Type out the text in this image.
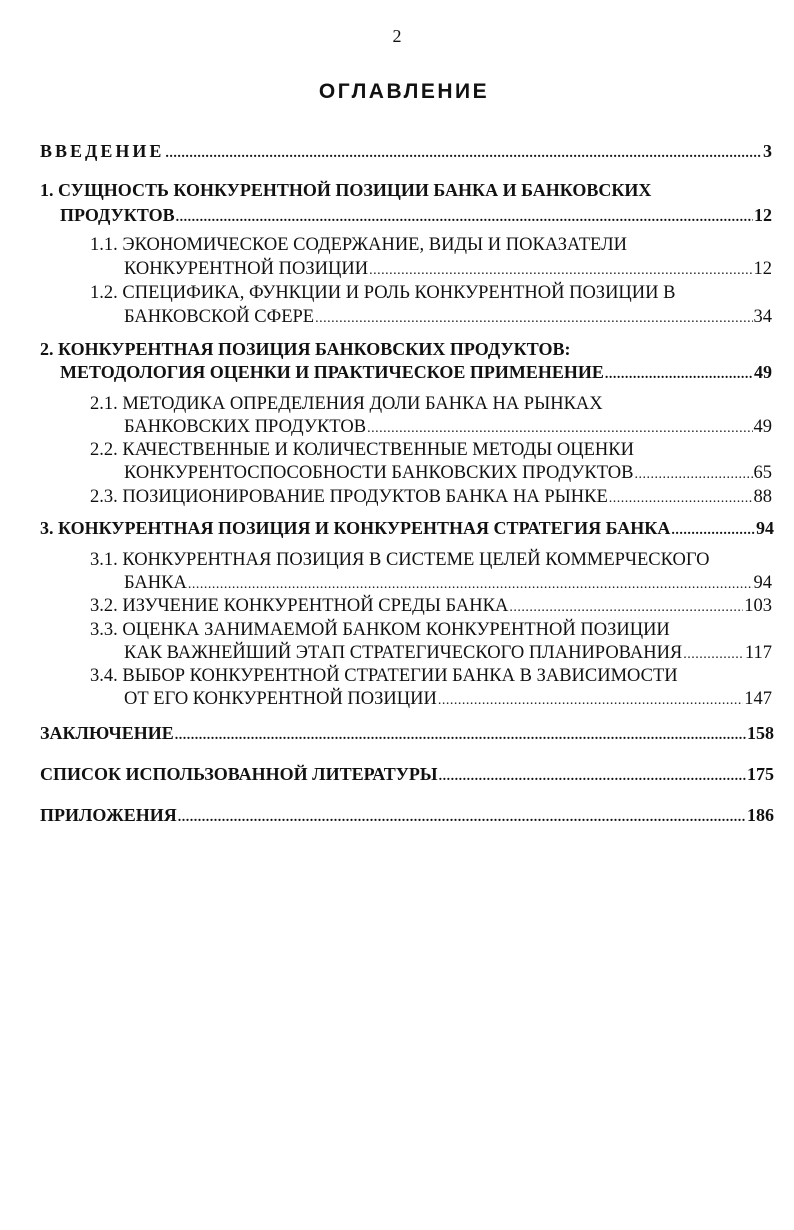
2
ОГЛАВЛЕНИЕ
ВВЕДЕНИЕ .....	3
1.
СУЩНОСТЬ КОНКУРЕНТНОЙ ПОЗИЦИИ БАНКА И БАНКОВСКИХ
ПРОДУКТОВ .....	12
1.1.
ЭКОНОМИЧЕСКОЕ СОДЕРЖАНИЕ, ВИДЫ И ПОКАЗАТЕЛИ
КОНКУРЕНТНОЙ ПОЗИЦИИ .....	12
1.2.
СПЕЦИФИКА, ФУНКЦИИ И РОЛЬ КОНКУРЕНТНОЙ ПОЗИЦИИ В
БАНКОВСКОЙ СФЕРЕ .....	34
2.
КОНКУРЕНТНАЯ ПОЗИЦИЯ БАНКОВСКИХ ПРОДУКТОВ:
МЕТОДОЛОГИЯ ОЦЕНКИ И ПРАКТИЧЕСКОЕ ПРИМЕНЕНИЕ .....	49
2.1.
МЕТОДИКА ОПРЕДЕЛЕНИЯ ДОЛИ БАНКА НА РЫНКАХ
БАНКОВСКИХ ПРОДУКТОВ .....	49
2.2.
КАЧЕСТВЕННЫЕ И КОЛИЧЕСТВЕННЫЕ МЕТОДЫ ОЦЕНКИ
КОНКУРЕНТОСПОСОБНОСТИ БАНКОВСКИХ ПРОДУКТОВ .....	65
2.3.
ПОЗИЦИОНИРОВАНИЕ ПРОДУКТОВ БАНКА НА РЫНКЕ .....	88
3.
КОНКУРЕНТНАЯ ПОЗИЦИЯ И КОНКУРЕНТНАЯ СТРАТЕГИЯ БАНКА .....	94
3.1.
КОНКУРЕНТНАЯ ПОЗИЦИЯ В СИСТЕМЕ ЦЕЛЕЙ КОММЕРЧЕСКОГО
БАНКА .....	94
3.2.
ИЗУЧЕНИЕ КОНКУРЕНТНОЙ СРЕДЫ БАНКА .....	103
3.3.
ОЦЕНКА ЗАНИМАЕМОЙ БАНКОМ КОНКУРЕНТНОЙ ПОЗИЦИИ
КАК ВАЖНЕЙШИЙ ЭТАП СТРАТЕГИЧЕСКОГО ПЛАНИРОВАНИЯ .....	117
3.4.
ВЫБОР КОНКУРЕНТНОЙ СТРАТЕГИИ БАНКА В ЗАВИСИМОСТИ
ОТ ЕГО КОНКУРЕНТНОЙ ПОЗИЦИИ .....	147
ЗАКЛЮЧЕНИЕ .....	158
СПИСОК ИСПОЛЬЗОВАННОЙ ЛИТЕРАТУРЫ .....	175
ПРИЛОЖЕНИЯ .....	186
